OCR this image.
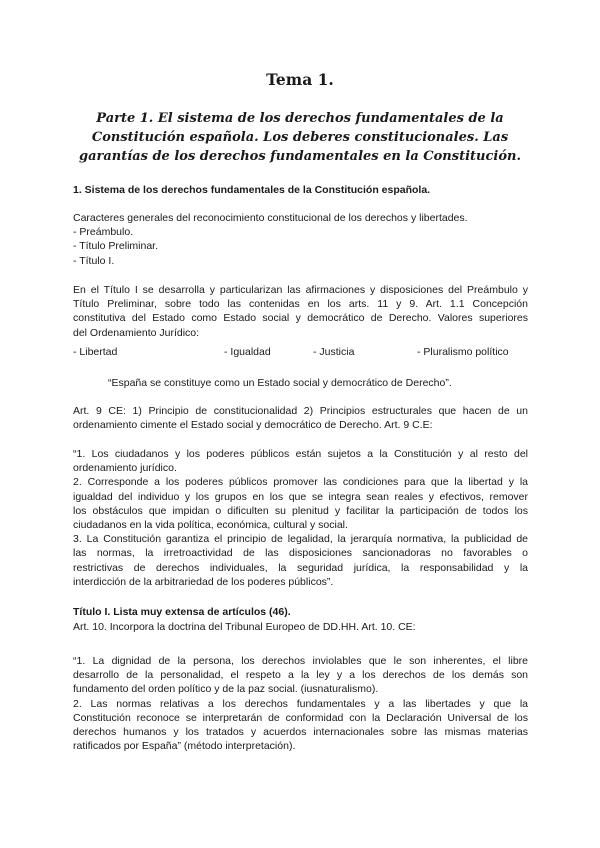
Tema 1.
Parte 1. El sistema de los derechos fundamentales de la
Constitución española. Los deberes constitucionales. Las
garantías de los derechos fundamentales en la Constitución.
1. Sistema de los derechos fundamentales de la Constitución española.
Caracteres generales del reconocimiento constitucional de los derechos y libertades.
- Preámbulo.
- Título Preliminar.
- Título I.
En el Título I se desarrolla y particularizan las afirmaciones y disposiciones del Preámbulo y
Título Preliminar, sobre todo las contenidas en los arts. 11 y 9. Art. 1.1 Concepción
constitutiva del Estado como Estado social y democrático de Derecho. Valores superiores
del Ordenamiento Jurídico:
- Libertad	- Igualdad	- Justicia	- Pluralismo político
“España se constituye como un Estado social y democrático de Derecho”.
Art. 9 CE: 1) Principio de constitucionalidad 2) Principios estructurales que hacen de un
ordenamiento cimente el Estado social y democrático de Derecho. Art. 9 C.E:
“1. Los ciudadanos y los poderes públicos están sujetos a la Constitución y al resto del
ordenamiento jurídico.
2. Corresponde a los poderes públicos promover las condiciones para que la libertad y la
igualdad del individuo y los grupos en los que se integra sean reales y efectivos, remover
los obstáculos que impidan o dificulten su plenitud y facilitar la participación de todos los
ciudadanos en la vida política, económica, cultural y social.
3. La Constitución garantiza el principio de legalidad, la jerarquía normativa, la publicidad de
las normas, la irretroactividad de las disposiciones sancionadoras no favorables o
restrictivas de derechos individuales, la seguridad jurídica, la responsabilidad y la
interdicción de la arbitrariedad de los poderes públicos”.
Título I. Lista muy extensa de artículos (46).
Art. 10. Incorpora la doctrina del Tribunal Europeo de DD.HH. Art. 10. CE:
“1. La dignidad de la persona, los derechos inviolables que le son inherentes, el libre
desarrollo de la personalidad, el respeto a la ley y a los derechos de los demás son
fundamento del orden político y de la paz social. (iusnaturalismo).
2. Las normas relativas a los derechos fundamentales y a las libertades y que la
Constitución reconoce se interpretarán de conformidad con la Declaración Universal de los
derechos humanos y los tratados y acuerdos internacionales sobre las mismas materias
ratificados por España” (método interpretación).
